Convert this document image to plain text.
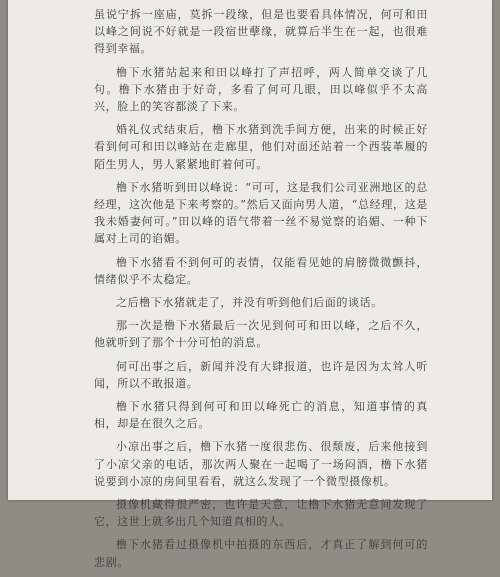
虽说宁拆一座庙，莫拆一段缘，但是也要看具体情况，何可和田以峰之间说不好就是一段宿世孽缘，就算后半生在一起，也很难得到幸福。

橹下水猪站起来和田以峰打了声招呼，两人简单交谈了几句。橹下水猪由于好奇，多看了何可几眼，田以峰似乎不太高兴，脸上的笑容都淡了下来。

婚礼仪式结束后，橹下水猪到洗手间方便，出来的时候正好看到何可和田以峰站在走廊里，他们对面还站着一个西装革履的陌生男人，男人紧紧地盯着何可。

橹下水猪听到田以峰说：“可可，这是我们公司亚洲地区的总经理，这次他是下来考察的。”然后又面向男人道，“总经理，这是我未婚妻何可。”田以峰的语气带着一丝不易觉察的谄媚、一种下属对上司的谄媚。

橹下水猪看不到何可的表情，仅能看见她的肩膀微微颤抖，情绪似乎不太稳定。

之后橹下水猪就走了，并没有听到他们后面的谈话。

那一次是橹下水猪最后一次见到何可和田以峰，之后不久，他就听到了那个十分可怕的消息。

何可出事之后，新闻并没有大肆报道，也许是因为太耸人听闻，所以不敢报道。

橹下水猪只得到何可和田以峰死亡的消息，知道事情的真相，却是在很久之后。

小凉出事之后，橹下水猪一度很悲伤、很颓废，后来他接到了小凉父亲的电话，那次两人聚在一起喝了一场闷酒，橹下水猪说要到小凉的房间里看看，就这么发现了一个微型摄像机。

摄像机藏得很严密，也许是天意，让橹下水猪无意间发现了它，这世上就多出几个知道真相的人。

橹下水猪看过摄像机中拍摄的东西后，才真正了解到何可的悲剧。
